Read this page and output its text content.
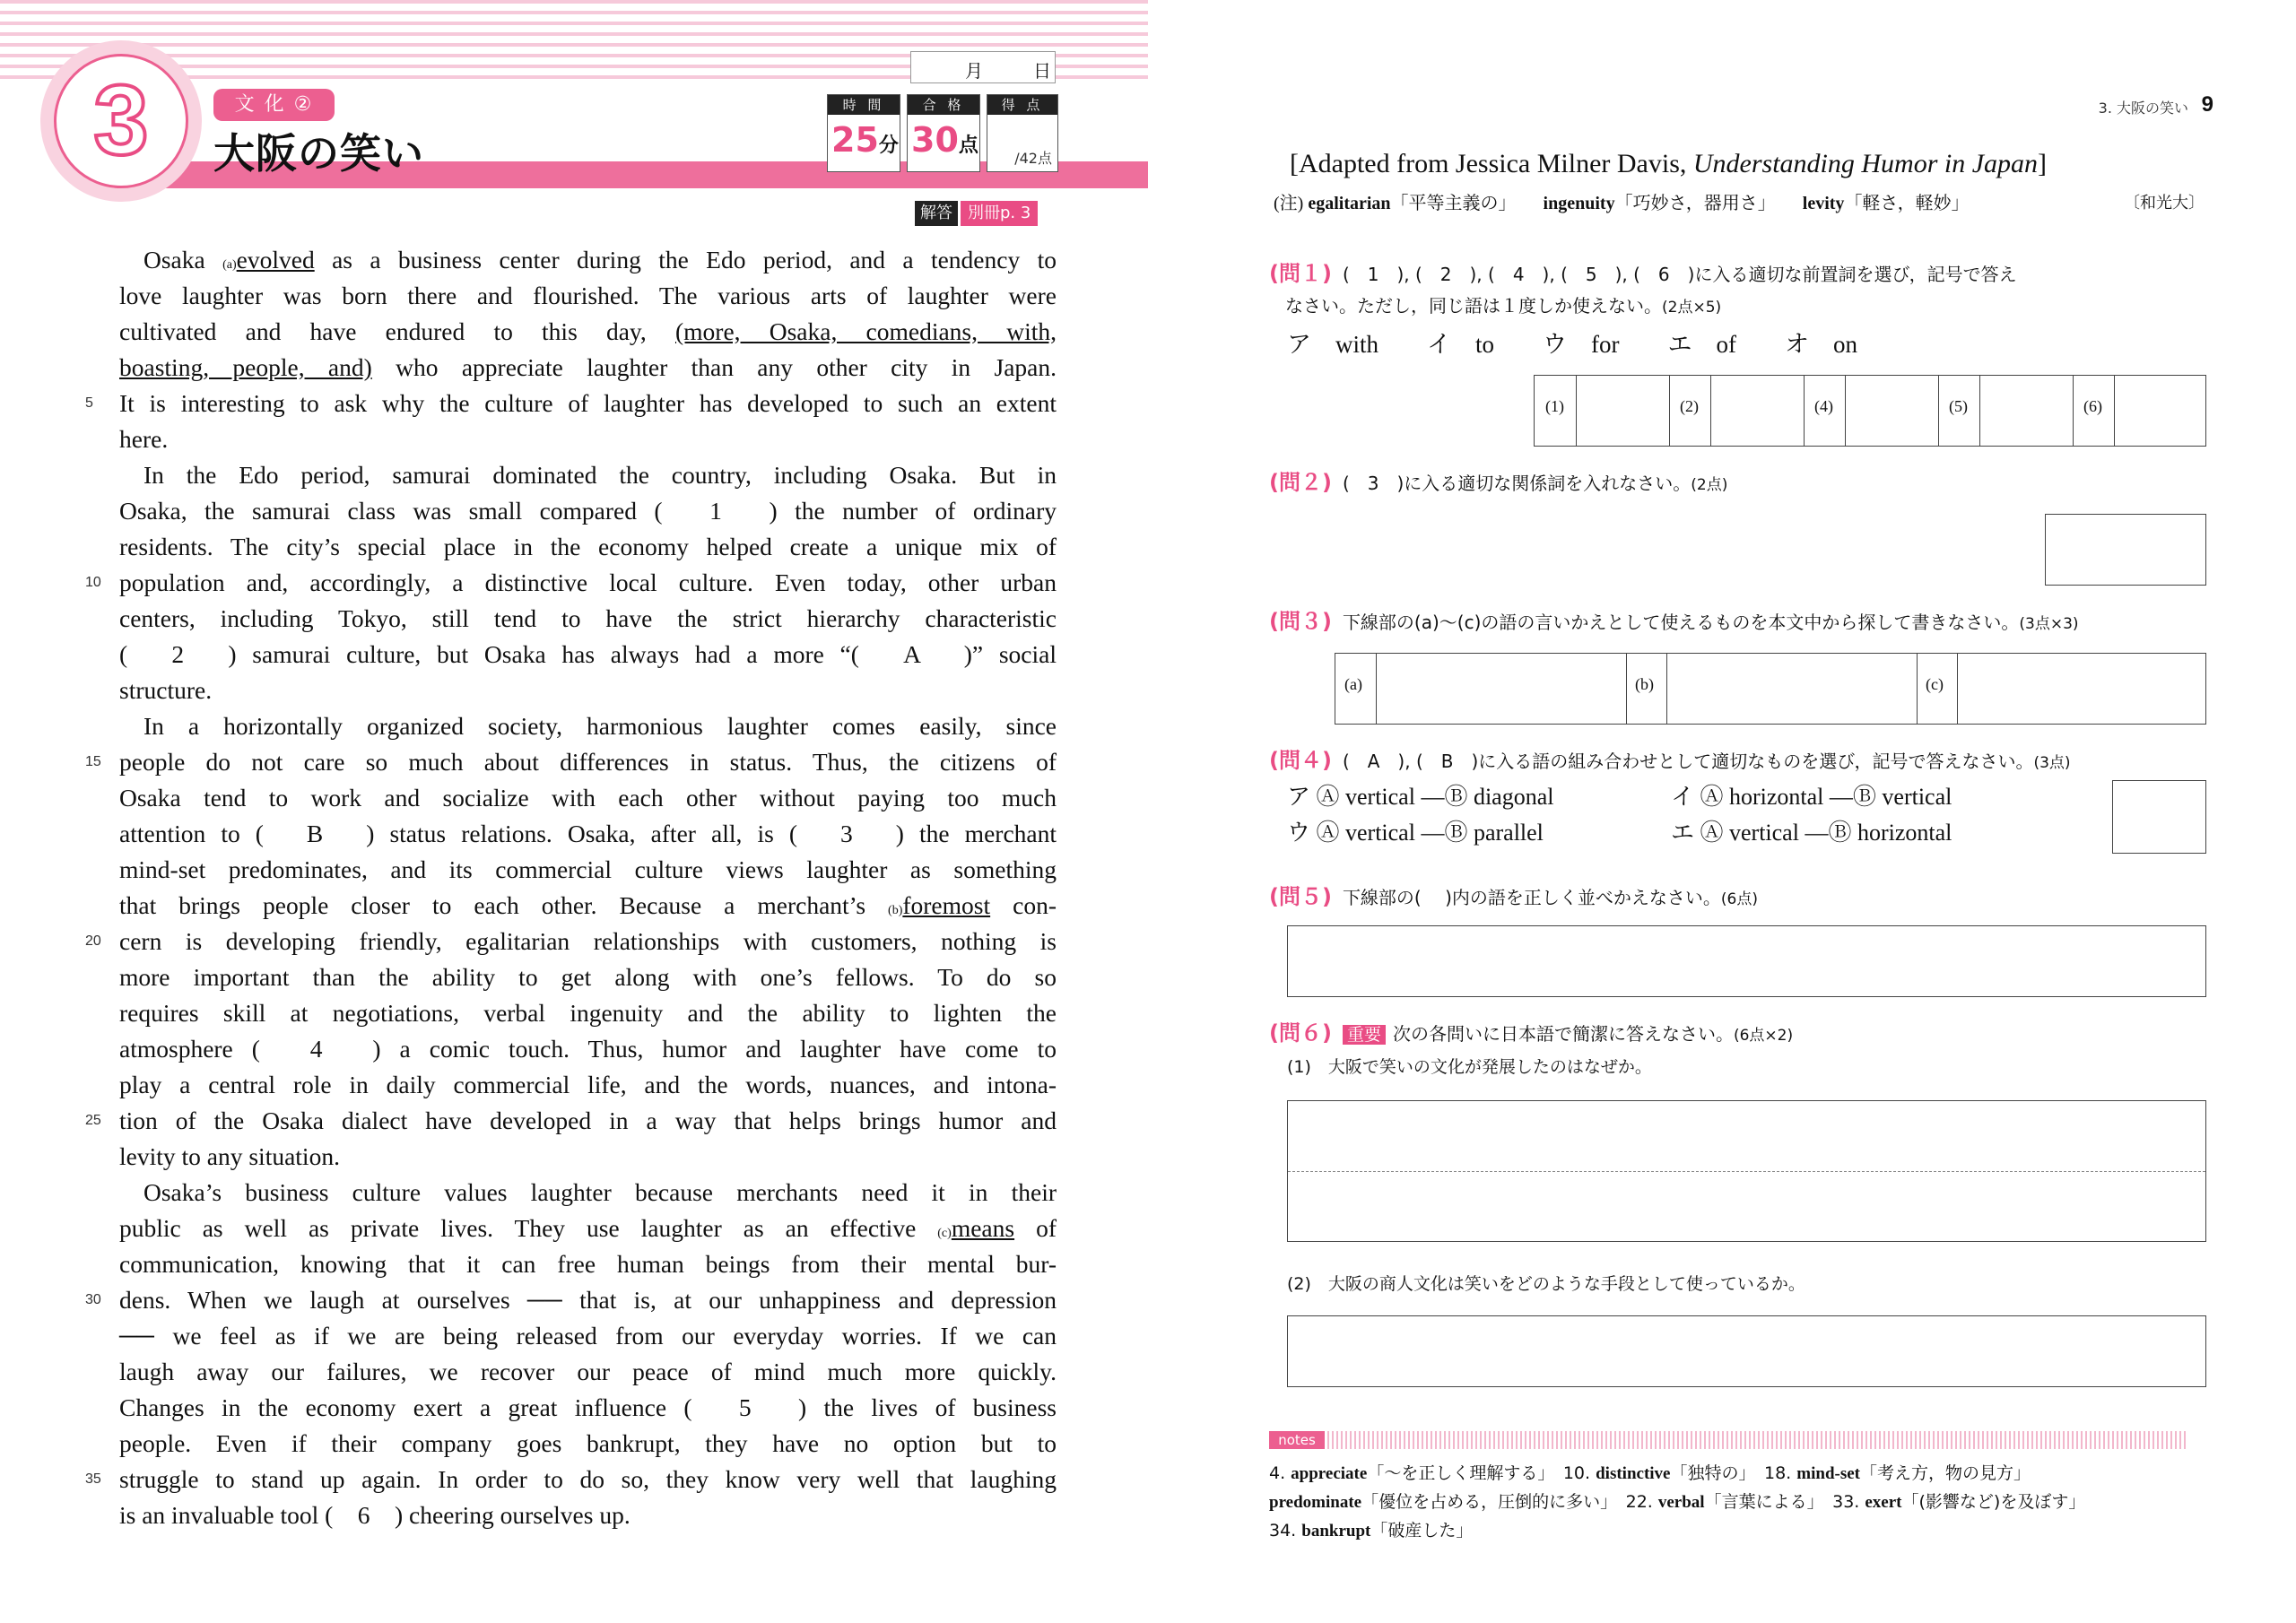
3	文 化 ②
大阪の笑い
月	日
時 間
25分
合 格
30点
得 点
/42点
解答 別冊p. 3
Osaka (a)evolved as a business center during the Edo period, and a tendency to
love laughter was born there and flourished. The various arts of laughter were
cultivated and have endured to this day, (more, Osaka, comedians, with,
boasting, people, and) who appreciate laughter than any other city in Japan.
5 It is interesting to ask why the culture of laughter has developed to such an extent
here.
In the Edo period, samurai dominated the country, including Osaka. But in
Osaka, the samurai class was small compared (　1　) the number of ordinary
residents. The city’s special place in the economy helped create a unique mix of
10 population and, accordingly, a distinctive local culture. Even today, other urban
centers, including Tokyo, still tend to have the strict hierarchy characteristic
(　2　) samurai culture, but Osaka has always had a more “(　A　)” social
structure.
In a horizontally organized society, harmonious laughter comes easily, since
15 people do not care so much about differences in status. Thus, the citizens of
Osaka tend to work and socialize with each other without paying too much
attention to (　B　) status relations. Osaka, after all, is (　3　) the merchant
mind-set predominates, and its commercial culture views laughter as something
that brings people closer to each other. Because a merchant’s (b)foremost con-
20 cern is developing friendly, egalitarian relationships with customers, nothing is
more important than the ability to get along with one’s fellows. To do so
requires skill at negotiations, verbal ingenuity and the ability to lighten the
atmosphere (　4　) a comic touch. Thus, humor and laughter have come to
play a central role in daily commercial life, and the words, nuances, and intona-
25 tion of the Osaka dialect have developed in a way that helps brings humor and
levity to any situation.
Osaka’s business culture values laughter because merchants need it in their
public as well as private lives. They use laughter as an effective (c)means of
communication, knowing that it can free human beings from their mental bur-
30 dens. When we laugh at ourselves ── that is, at our unhappiness and depression
── we feel as if we are being released from our everyday worries. If we can
laugh away our failures, we recover our peace of mind much more quickly.
Changes in the economy exert a great influence (　5　) the lives of business
people. Even if their company goes bankrupt, they have no option but to
35 struggle to stand up again. In order to do so, they know very well that laughing
is an invaluable tool (　6　) cheering ourselves up.
3. 大阪の笑い 9
[Adapted from Jessica Milner Davis, Understanding Humor in Japan]
(注) egalitarian「平等主義の」　　 ingenuity「巧妙さ，器用さ」　　 levity「軽さ，軽妙」	〔和光大〕
(問１) (　1　), (　2　), (　4　), (　5　), (　6　)に入る適切な前置詞を選び，記号で答え
なさい。ただし，同じ語は１度しか使えない。(2点×5)
ア　with　　イ　to　　ウ　for　　エ　of　　オ　on
(1)	(2)	(4)	(5)	(6)
(問２) (　3　)に入る適切な関係詞を入れなさい。(2点)
(問３) 下線部の(a)～(c)の語の言いかえとして使えるものを本文中から探して書きなさい。(3点×3)
(a)	(b)	(c)
(問４) (　A　), (　B　)に入る語の組み合わせとして適切なものを選び，記号で答えなさい。(3点)
ア Ⓐ vertical ―Ⓑ diagonal	イ Ⓐ horizontal ―Ⓑ vertical
ウ Ⓐ vertical ―Ⓑ parallel	エ Ⓐ vertical ―Ⓑ horizontal
(問５) 下線部の(　 )内の語を正しく並べかえなさい。(6点)
(問６) 重要 次の各問いに日本語で簡潔に答えなさい。(6点×2)
(1)　大阪で笑いの文化が発展したのはなぜか。
(2)　大阪の商人文化は笑いをどのような手段として使っているか。
notes
4. appreciate「～を正しく理解する」　10. distinctive「独特の」　18. mind-set「考え方，物の見方」
predominate「優位を占める，圧倒的に多い」　22. verbal「言葉による」　33. exert「(影響など)を及ぼす」
34. bankrupt「破産した」
